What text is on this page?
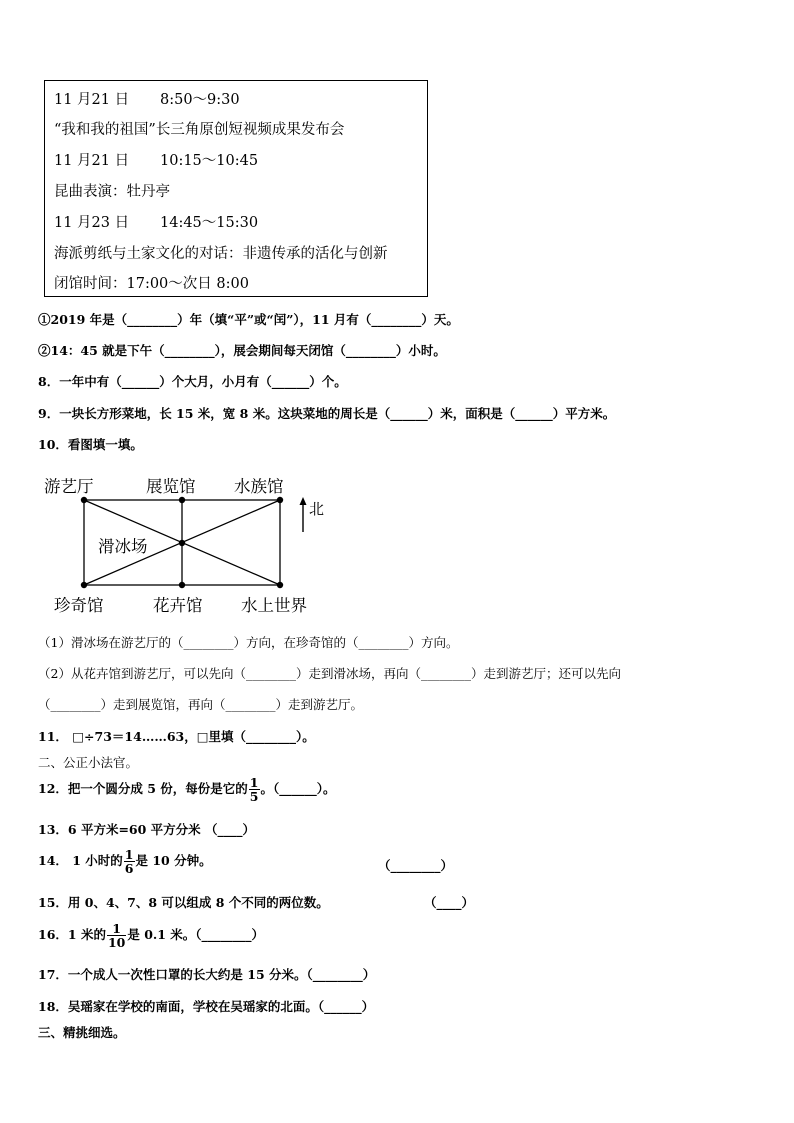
11 月21 日 8:50～9:30
“我和我的祖国”长三角原创短视频成果发布会
11 月21 日 10:15～10:45
昆曲表演：牡丹亭
11 月23 日 14:45～15:30
海派剪纸与土家文化的对话：非遗传承的活化与创新
闭馆时间：17:00～次日 8:00
①2019 年是（________）年（填“平”或“闰”），11 月有（________）天。
②14：45 就是下午（________），展会期间每天闭馆（________）小时。
8．一年中有（______）个大月，小月有（______）个。
9．一块长方形菜地，长 15 米，宽 8 米。这块菜地的周长是（______）米，面积是（______）平方米。
10．看图填一填。
游艺厅	展览馆 水族馆
滑冰场
珍奇馆	花卉馆 水上世界
北
（1）滑冰场在游艺厅的（________）方向，在珍奇馆的（________）方向。
（2）从花卉馆到游艺厅，可以先向（________）走到滑冰场，再向（________）走到游艺厅；还可以先向
（________）走到展览馆，再向（________）走到游艺厅。
11． □÷73＝14……63，□里填（________）。
二、公正小法官。
12．把一个圆分成 5 份，每份是它的 $\frac{1}{5}$ 。（______）。
13．6 平方米=60 平方分米 （____）
14． 1 小时的 $\frac{1}{6}$ 是 10 分钟。	（________）
15．用 0、4、7、8 可以组成 8 个不同的两位数。	（____）
16．1 米的 $\frac{1}{10}$ 是 0.1 米。（________）
17．一个成人一次性口罩的长大约是 15 分米。（________）
18．吴瑶家在学校的南面，学校在吴瑶家的北面。（______）
三、精挑细选。
